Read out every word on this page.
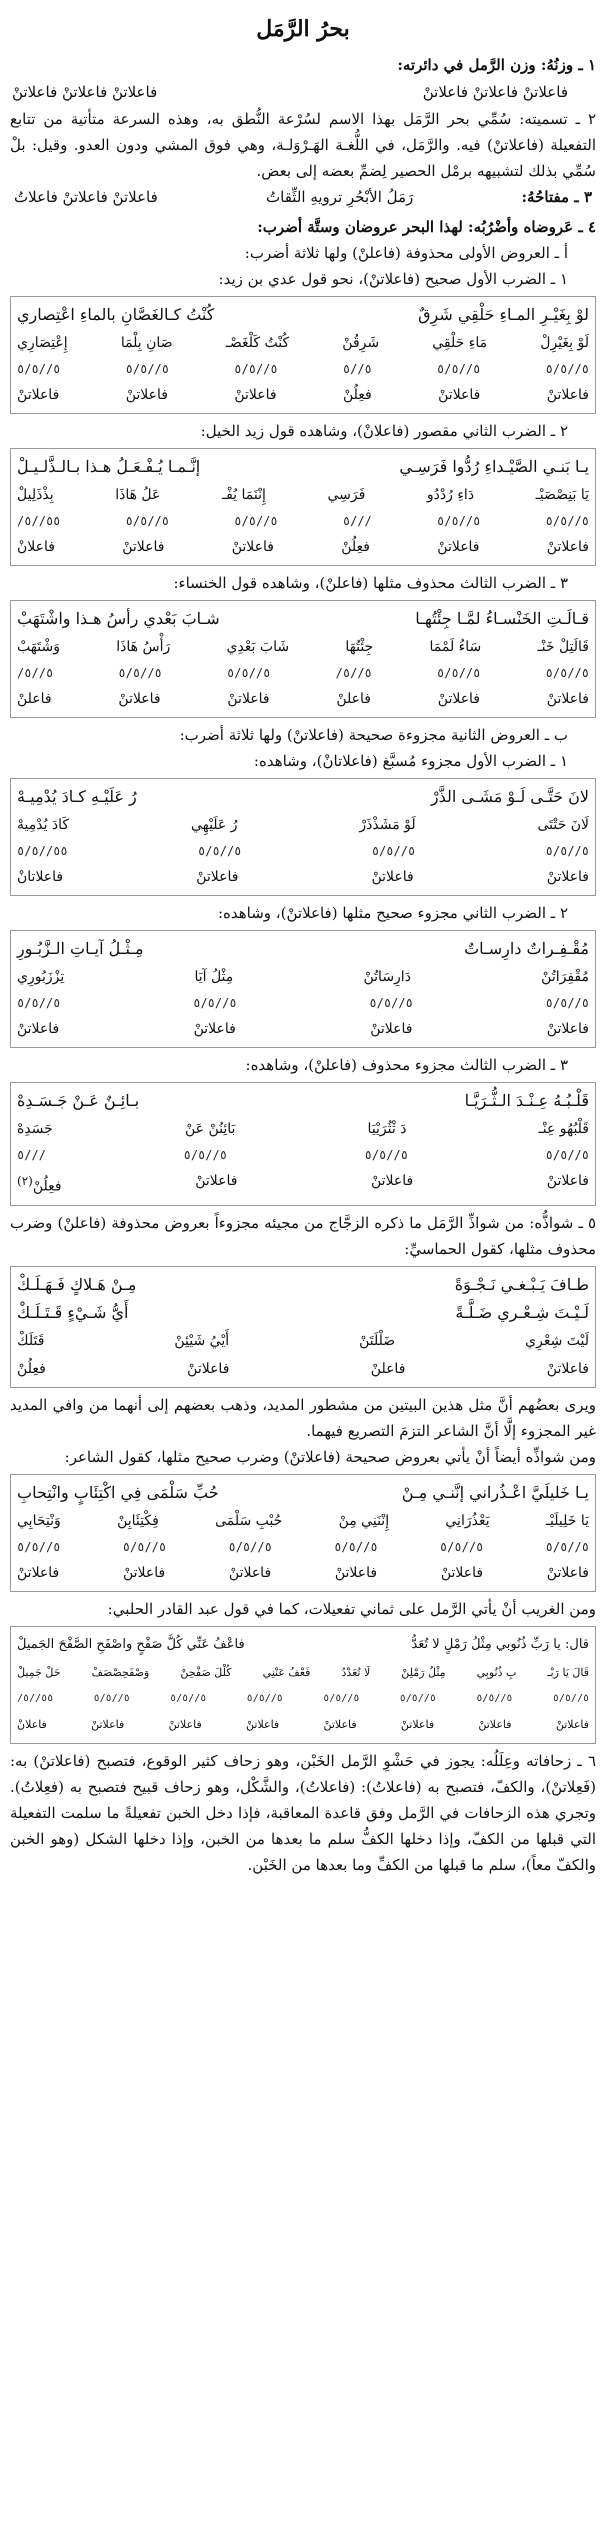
بحرُ الرَّمَل

١ ـ وزنُهُ: وزن الرَّمل في دائرته:

فاعلاتنْ فاعلاتنْ فاعلاتنْ
فاعلاتنْ فاعلاتنْ فاعلاتنْ

٢ ـ تسميته: سُمِّي بحر الرَّمَل بهذا الاسم لسُرْعة النُّطق به، وهذه السرعة متأتية من تتابع التفعيلة (فاعلاتنْ) فيه. والرَّمَل، في اللُّغـة الهَـرْوَلـة، وهي فوق المشي ودون العدو. وقيل: بلْ سُمِّي بذلك لتشبيهه برمْل الحصير لِضمِّ بعضه إلى بعض.

٣ ـ مفتاحُهُ:
رَمَلُ الأبْحُرِ ترويهِ الثِّقاتُ
فاعلاتنْ فاعلاتنْ فاعلاتُ

٤ ـ عَروضاه وأضْرُبُه: لهذا البحر عروضان وستَّة أضرب:

أ ـ العروض الأولى محذوفة (فاعلنْ) ولها ثلاثة أضرب:

١ ـ الضرب الأول صحيح (فاعلاتنْ)، نحو قول عدي بن زيد:

لوْ بِغَيْـرِ المـاءِ حَلْقِي شَرِقٌ
كُنْتُ كـالغَصَّانِ بالماءِ اعْتِصاري
لَوْ بِغَيْرِلْ
مَاءِ حَلْقِي
شَرِقُنْ
كُنْتُ كَلْغَصْـ
صَانِ بِلْمَا
إِعْتِصَارِي
٥//٥/٥
٥//٥/٥
٥//٥
٥//٥/٥
٥//٥/٥
٥//٥/٥
فاعلاتنْ
فاعلاتنْ
فعِلُنْ
فاعلاتنْ
فاعلاتنْ
فاعلاتنْ

٢ ـ الضرب الثاني مقصور (فاعلانْ)، وشاهده قول زيد الخيل:

يـا بَنـي الصَّيْـداءِ رُدُّوا فَرَسِـي
إنَّـمـا يُـفْـعَـلُ هـذا بـالـذَّلـيـلْ
يَا بَنِصْصَيْـ
دَاءِ رُدْدُو
فَرَسِي
إِنْنَمَا يُفْـ
عَلُ هَاذَا
بِذْذَلِيلْ
٥//٥/٥
٥//٥/٥
///٥
٥//٥/٥
٥//٥/٥
٥٥//٥/
فاعلاتنْ
فاعلاتنْ
فعِلُنْ
فاعلاتنْ
فاعلاتنْ
فاعلانْ

٣ ـ الضرب الثالث محذوف مثلها (فاعلنْ)، وشاهده قول الخنساء:

قـالَـتِ الخَنْسـاءُ لمَّـا جِئْتُهـا
شـابَ بَعْدي رأسُ هـذا واشْتَهَبْ
قَالَتِلْ خَنْـ
سَاءُ لَمْمَا
جِئْتُهَا
شَابَ بَعْدِي
رَأْسُ هَاذَا
وَشْتَهَبْ
٥//٥/٥
٥//٥/٥
٥//٥/
٥//٥/٥
٥//٥/٥
٥//٥/
فاعلاتنْ
فاعلاتنْ
فاعلنْ
فاعلاتنْ
فاعلاتنْ
فاعلنْ

ب ـ العروض الثانية مجزوءة صحيحة (فاعلاتنْ) ولها ثلاثة أضرب:

١ ـ الضرب الأول مجزوء مُسبَّغ (فاعلاتانْ)، وشاهده:

لانَ حَتَّـى لَـوْ مَشَـى الذَّرْ
رُ عَلَيْـهِ كـادَ يُدْمِيـهْ
لَانَ حَتْتَى
لَوْ مَشَذْذَرْ
رُ عَلَيْهِي
كَادَ يُدْمِيهْ
٥//٥/٥
٥//٥/٥
٥//٥/٥
٥٥//٥/٥
فاعلاتنْ
فاعلاتنْ
فاعلاتنْ
فاعلاتانْ

٢ ـ الضرب الثاني مجزوء صحيح مثلها (فاعلاتنْ)، وشاهده:

مُقْـفِـراتٌ دارِسـاتٌ
مِـثْـلُ آيـاتِ الـزَّبُـورِ
مُقْفِرَاتُنْ
دَارِسَاتُنْ
مِثْلُ آيَا
تِزْزَبُورِي
٥//٥/٥
٥//٥/٥
٥//٥/٥
٥//٥/٥
فاعلاتنْ
فاعلاتنْ
فاعلاتنْ
فاعلاتنْ

٣ ـ الضرب الثالث مجزوء محذوف (فاعلنْ)، وشاهده:

قَلْـبُـهُ عِـنْـدَ الـثُّـرَيَّـا
بـائِـنٌ عَـنْ جَـسَـدِهْ
قَلْبُهُو عِنْـ
دَ ثْثُرَيْيَا
بَائِنُنْ عَنْ
جَسَدِهْ
٥//٥/٥
٥//٥/٥
٥//٥/٥
///٥
فاعلاتنْ
فاعلاتنْ
فاعلاتنْ
فعِلُنْ$^{(٢)}$

٥ ـ شواذُّه: من شواذِّ الرَّمَل ما ذكره الزجَّاج من مجيئه مجزوءاً بعروض محذوفة (فاعلنْ) وضرب محذوف مثلها، كقول الحماسيِّ:

طـافَ يَـبْـغـي نَـجْـوَةً
مِـنْ هَـلاكٍ فَـهَـلَـكْ
لَـيْـتَ شِـعْـري ضَـلَّـةً
أَيُّ شَـيْءٍ قَـتَـلَـكْ
لَيْتَ شِعْرِي
ضَلْلَتَنْ
أَيْيُ شَيْئِنْ
قَتَلَكْ
فاعلاتنْ
فاعلنْ
فاعلاتنْ
فعِلُنْ

ويرى بعضُهم أنَّ مثل هذين البيتين من مشطور المديد، وذهب بعضهم إلى أنهما من وافي المديد غير المجزوء إلَّا أنَّ الشاعر التزمَ التصريع فيهما.

ومن شواذِّه أيضاً أنْ يأتي بعروض صحيحة (فاعلاتنْ) وضرب صحيح مثلها، كقول الشاعر:

يـا خَليلَيَّ اعْـذُراني إنَّنـي مِـنْ
حُبِّ سَلْمَى فِي اكْتِئَابٍ وانْتِحابِ
يَا خَلِيلَيْـ
يَعْذُرَانِي
إِنْنَنِي مِنْ
حُبْبِ سَلْمَى
فِكْتِئَابِنْ
وَنْتِحَابِي
٥//٥/٥
٥//٥/٥
٥//٥/٥
٥//٥/٥
٥//٥/٥
٥//٥/٥
فاعلاتنْ
فاعلاتنْ
فاعلاتنْ
فاعلاتنْ
فاعلاتنْ
فاعلاتنْ

ومن الغريب أنْ يأتي الرَّمل على ثماني تفعيلات، كما في قول عبد القادر الحلبي:

قال: يا رَبِّ ذُنُوبي مِثْلُ رَمْلٍ لا تُعَدُّ
فاعْفُ عَنِّي كُلَّ صَفْحٍ واصْفَحِ الصَّفْحَ الجَميلْ
قَالَ يَا رَبْـ
بِ ذُنُوبِي
مِثْلُ رَمْلِنْ
لَا تُعَدْدُ
فَعْفُ عَنْنِي
كُلْلَ صَفْحِنْ
وَصْفَحِصْصَفْ
حَلْ جَمِيلْ
٥//٥/٥
٥//٥/٥
٥//٥/٥
٥//٥/٥
٥//٥/٥
٥//٥/٥
٥//٥/٥
٥٥//٥/
فاعلاتنْ
فاعلاتنْ
فاعلاتنْ
فاعلاتنْ
فاعلاتنْ
فاعلاتنْ
فاعلاتنْ
فاعلانْ

٦ ـ زحافاته وعِلَلُه: يجوز في حَشْوِ الرَّمل الخَبْن، وهو زحاف كثير الوقوع، فتصبح (فاعلاتنْ) به: (فَعِلاتنْ)، والكفّ، فتصبح به (فاعلاتُ): (فاعلاتُ)، والشَّكْل، وهو زحاف قبيح فتصبح به (فعِلاتُ). وتجري هذه الزحافات في الرَّمل وفق قاعدة المعاقبة، فإذا دخل الخبن تفعيلةً ما سلمت التفعيلة التي قبلها من الكفّ، وإذا دخلها الكفُّ سلم ما بعدها من الخبن، وإذا دخلها الشكل (وهو الخبن والكفّ معاً)، سلم ما قبلها من الكفِّ وما بعدها من الخَبْن.
